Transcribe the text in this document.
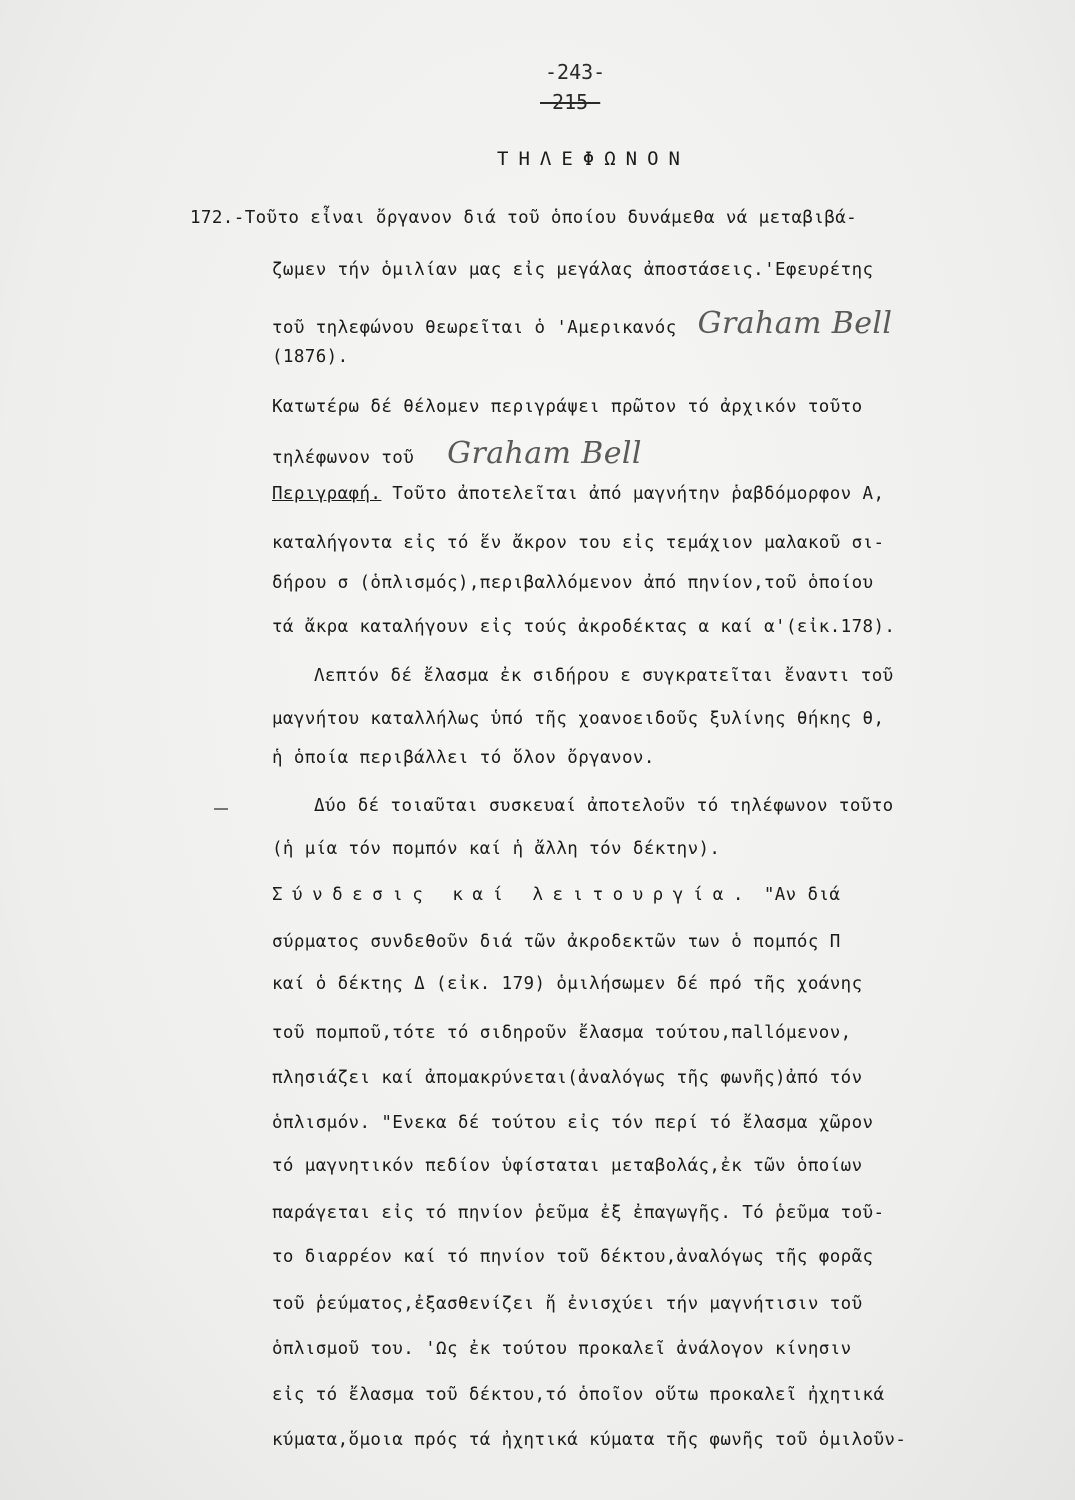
-243-
-215-
ΤΗΛΕΦΩΝΟΝ
172.-Τοῦτο εἶναι ὄργανον διά τοῦ ὁποίου δυνάμεθα νά μεταβιβά-
ζωμεν τήν ὁμιλίαν μας εἰς μεγάλας ἀποστάσεις.'Εφευρέτης
τοῦ τηλεφώνου θεωρεῖται ὁ 'Αμερικανός Graham Bell
(1876).
Κατωτέρω δέ θέλομεν περιγράψει πρῶτον τό ἀρχικόν τοῦτο
τηλέφωνον τοῦ Graham Bell
Περιγραφή. Τοῦτο ἀποτελεῖται ἀπό μαγνήτην ῥαβδόμορφον Α,
καταλήγοντα εἰς τό ἕν ἄκρον του εἰς τεμάχιον μαλακοῦ σι-
δήρου σ (ὁπλισμός),περιβαλλόμενον ἀπό πηνίον,τοῦ ὁποίου
τά ἄκρα καταλήγουν εἰς τούς ἀκροδέκτας α καί α'(εἰκ.178).
Λεπτόν δέ ἔλασμα ἐκ σιδήρου ε συγκρατεῖται ἔναντι τοῦ
μαγνήτου καταλλήλως ὑπό τῆς χοανοειδοῦς ξυλίνης θήκης θ,
ἡ ὁποία περιβάλλει τό ὅλον ὄργανον.
Δύο δέ τοιαῦται συσκευαί ἀποτελοῦν τό τηλέφωνον τοῦτο
(ἡ μία τόν πομπόν καί ἡ ἄλλη τόν δέκτην).
Σύνδεσις καί λειτουργία. "Αν διά
σύρματος συνδεθοῦν διά τῶν ἀκροδεκτῶν των ὁ πομπός Π
καί ὁ δέκτης Δ (εἰκ. 179) ὁμιλήσωμεν δέ πρό τῆς χοάνης
τοῦ πομποῦ,τότε τό σιδηροῦν ἔλασμα τούτου,πallόμενον,
πλησιάζει καί ἀπομακρύνεται(ἀναλόγως τῆς φωνῆς)ἀπό τόν
ὁπλισμόν. "Ενεκα δέ τούτου εἰς τόν περί τό ἔλασμα χῶρον
τό μαγνητικόν πεδίον ὑφίσταται μεταβολάς,ἐκ τῶν ὁποίων
παράγεται εἰς τό πηνίον ῥεῦμα ἐξ ἐπαγωγῆς. Τό ῥεῦμα τοῦ-
το διαρρέον καί τό πηνίον τοῦ δέκτου,ἀναλόγως τῆς φορᾶς
τοῦ ῥεύματος,ἐξασθενίζει ἤ ἐνισχύει τήν μαγνήτισιν τοῦ
ὁπλισμοῦ του. 'Ως ἐκ τούτου προκαλεῖ ἀνάλογον κίνησιν
εἰς τό ἔλασμα τοῦ δέκτου,τό ὁποῖον οὕτω προκαλεῖ ἠχητικά
κύματα,ὅμοια πρός τά ἠχητικά κύματα τῆς φωνῆς τοῦ ὁμιλοῦν-
